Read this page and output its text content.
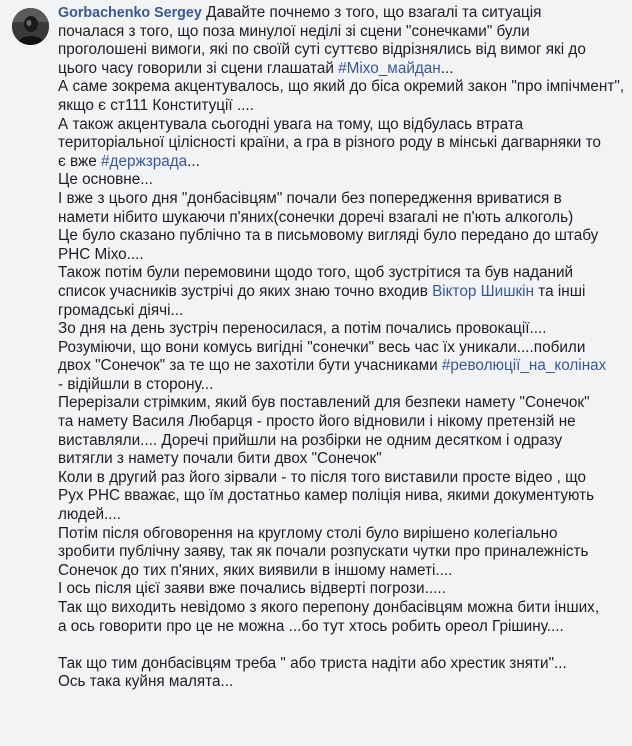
Gorbachenko Sergey Давайте почнемо з того, що взагалі та ситуація
почалася з того, що поза минулої неділі зі сцени "сонечками" були
проголошені вимоги, які по своїй суті суттєво відрізнялись від вимог які до
цього часу говорили зі сцени глашатай #Міхо_майдан...
А саме зокрема акцентувалось, що який до біса окремий закон "про імпічмент",
якщо є ст111 Конституції ....
А також акцентувала сьогодні увага на тому, що відбулась втрата
територіальної цілісності країни, а гра в різного роду в мінські дагварняки то
є вже #держзрада...
Це основне...
І вже з цього дня "донбасівцям" почали без попередження вриватися в
намети нібито шукаючи п'яних(сонечки доречі взагалі не п'ють алкоголь)
Це було сказано публічно та в письмовому вигляді було передано до штабу
РНС Міхо....
Також потім були перемовини щодо того, щоб зустрітися та був наданий
список учасників зустрічі до яких знаю точно входив Віктор Шишкін та інші
громадські діячі...
Зо дня на день зустріч переносилася, а потім почались провокації....
Розуміючи, що вони комусь вигідні "сонечки" весь час їх уникали....побили
двох "Сонечок" за те що не захотіли бути учасниками #революції_на_колінах
- відійшли в сторону...
Перерізали стрімким, який був поставлений для безпеки намету "Сонечок"
та намету Василя Любарця - просто його відновили і нікому претензій не
виставляли.... Доречі прийшли на розбірки не одним десятком і одразу
витягли з намету почали бити двох "Сонечок"
Коли в другий раз його зірвали - то після того виставили просте відео , що
Рух РНС вважає, що їм достатньо камер поліція нива, якими документують
людей....
Потім після обговорення на круглому столі було вирішено колегіально
зробити публічну заяву, так як почали розпускати чутки про приналежність
Сонечок до тих п'яних, яких виявили в іншому наметі....
І ось після цієї заяви вже почались відверті погрози.....
Так що виходить невідомо з якого перепону донбасівцям можна бити інших,
а ось говорити про це не можна ...бо тут хтось робить ореол Грішину....
Так що тим донбасівцям треба " або триста надіти або хрестик зняти"...
Ось така куйня малята...
